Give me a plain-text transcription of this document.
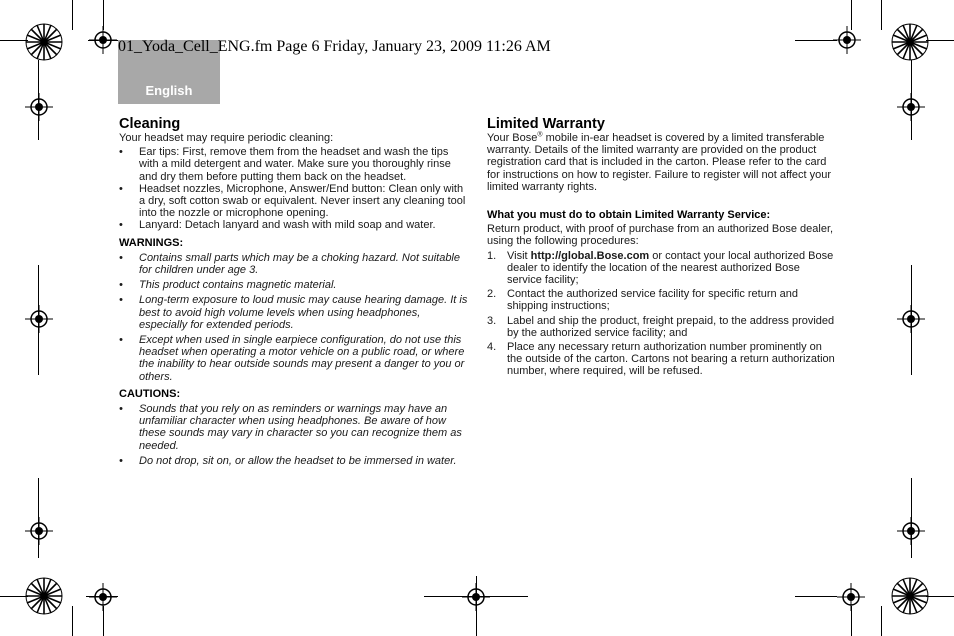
English
01_Yoda_Cell_ENG.fm Page 6 Friday, January 23, 2009 11:26 AM
Cleaning

Your headset may require periodic cleaning:

• Ear tips: First, remove them from the headset and wash the tips with a mild detergent and water. Make sure you thoroughly rinse and dry them before putting them back on the headset.
• Headset nozzles, Microphone, Answer/End button: Clean only with a dry, soft cotton swab or equivalent. Never insert any cleaning tool into the nozzle or microphone opening.
• Lanyard: Detach lanyard and wash with mild soap and water.
WARNINGS:
• Contains small parts which may be a choking hazard. Not suitable for children under age 3.
• This product contains magnetic material.
• Long-term exposure to loud music may cause hearing damage. It is best to avoid high volume levels when using headphones, especially for extended periods.
• Except when used in single earpiece configuration, do not use this headset when operating a motor vehicle on a public road, or where the inability to hear outside sounds may present a danger to you or others.
CAUTIONS:
• Sounds that you rely on as reminders or warnings may have an unfamiliar character when using headphones. Be aware of how these sounds may vary in character so you can recognize them as needed.
• Do not drop, sit on, or allow the headset to be immersed in water.
Limited Warranty

Your Bose® mobile in-ear headset is covered by a limited transferable warranty. Details of the limited warranty are provided on the product registration card that is included in the carton. Please refer to the card for instructions on how to register. Failure to register will not affect your limited warranty rights.

What you must do to obtain Limited Warranty Service:

Return product, with proof of purchase from an authorized Bose dealer, using the following procedures:

1. Visit http://global.Bose.com or contact your local authorized Bose dealer to identify the location of the nearest authorized Bose service facility;
2. Contact the authorized service facility for specific return and shipping instructions;
3. Label and ship the product, freight prepaid, to the address provided by the authorized service facility; and
4. Place any necessary return authorization number prominently on the outside of the carton. Cartons not bearing a return authorization number, where required, will be refused.
